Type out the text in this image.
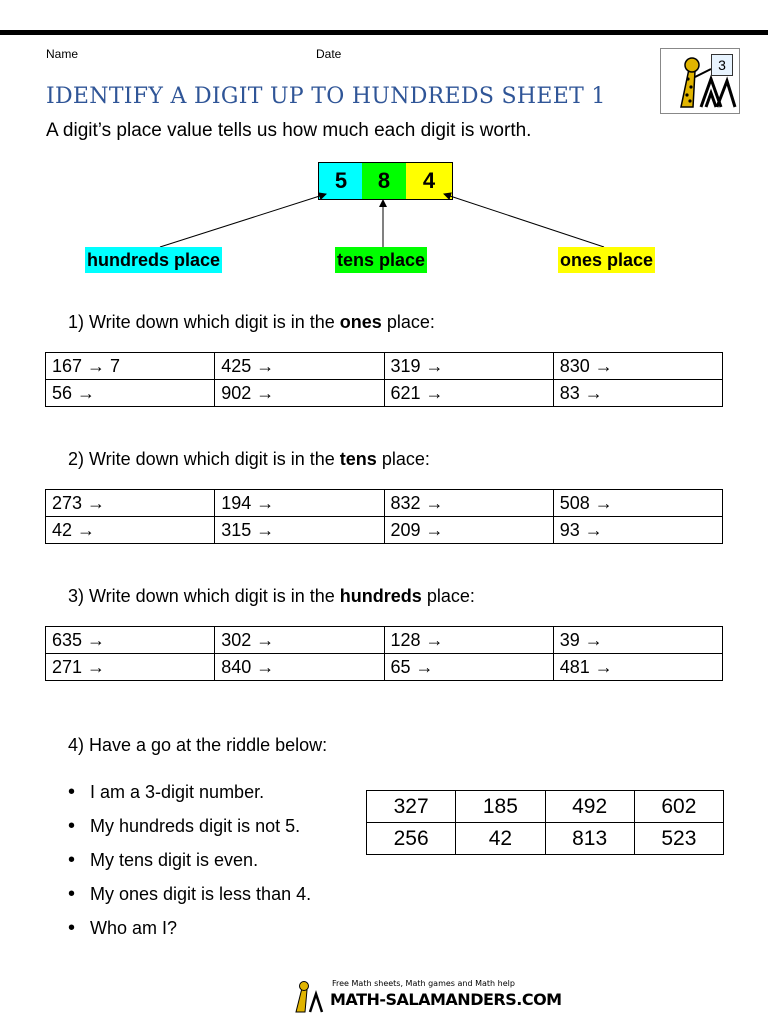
Name	Date
3
IDENTIFY A DIGIT UP TO HUNDREDS SHEET 1
A digit’s place value tells us how much each digit is worth.
5	8	4
hundreds place	tens place	ones place
1) Write down which digit is in the ones place:
167 → 7	425 →	319 →	830 →
56 →	902 →	621 →	83 →
2) Write down which digit is in the tens place:
273 →	194 →	832 →	508 →
42 →	315 →	209 →	93 →
3) Write down which digit is in the hundreds place:
635 →	302 →	128 →	39 →
271 →	840 →	65 →	481 →
4) Have a go at the riddle below:
• I am a 3-digit number.
• My hundreds digit is not 5.
• My tens digit is even.
• My ones digit is less than 4.
• Who am I?
327	185	492	602
256	42	813	523
Free Math sheets, Math games and Math help
MATH-SALAMANDERS.COM
